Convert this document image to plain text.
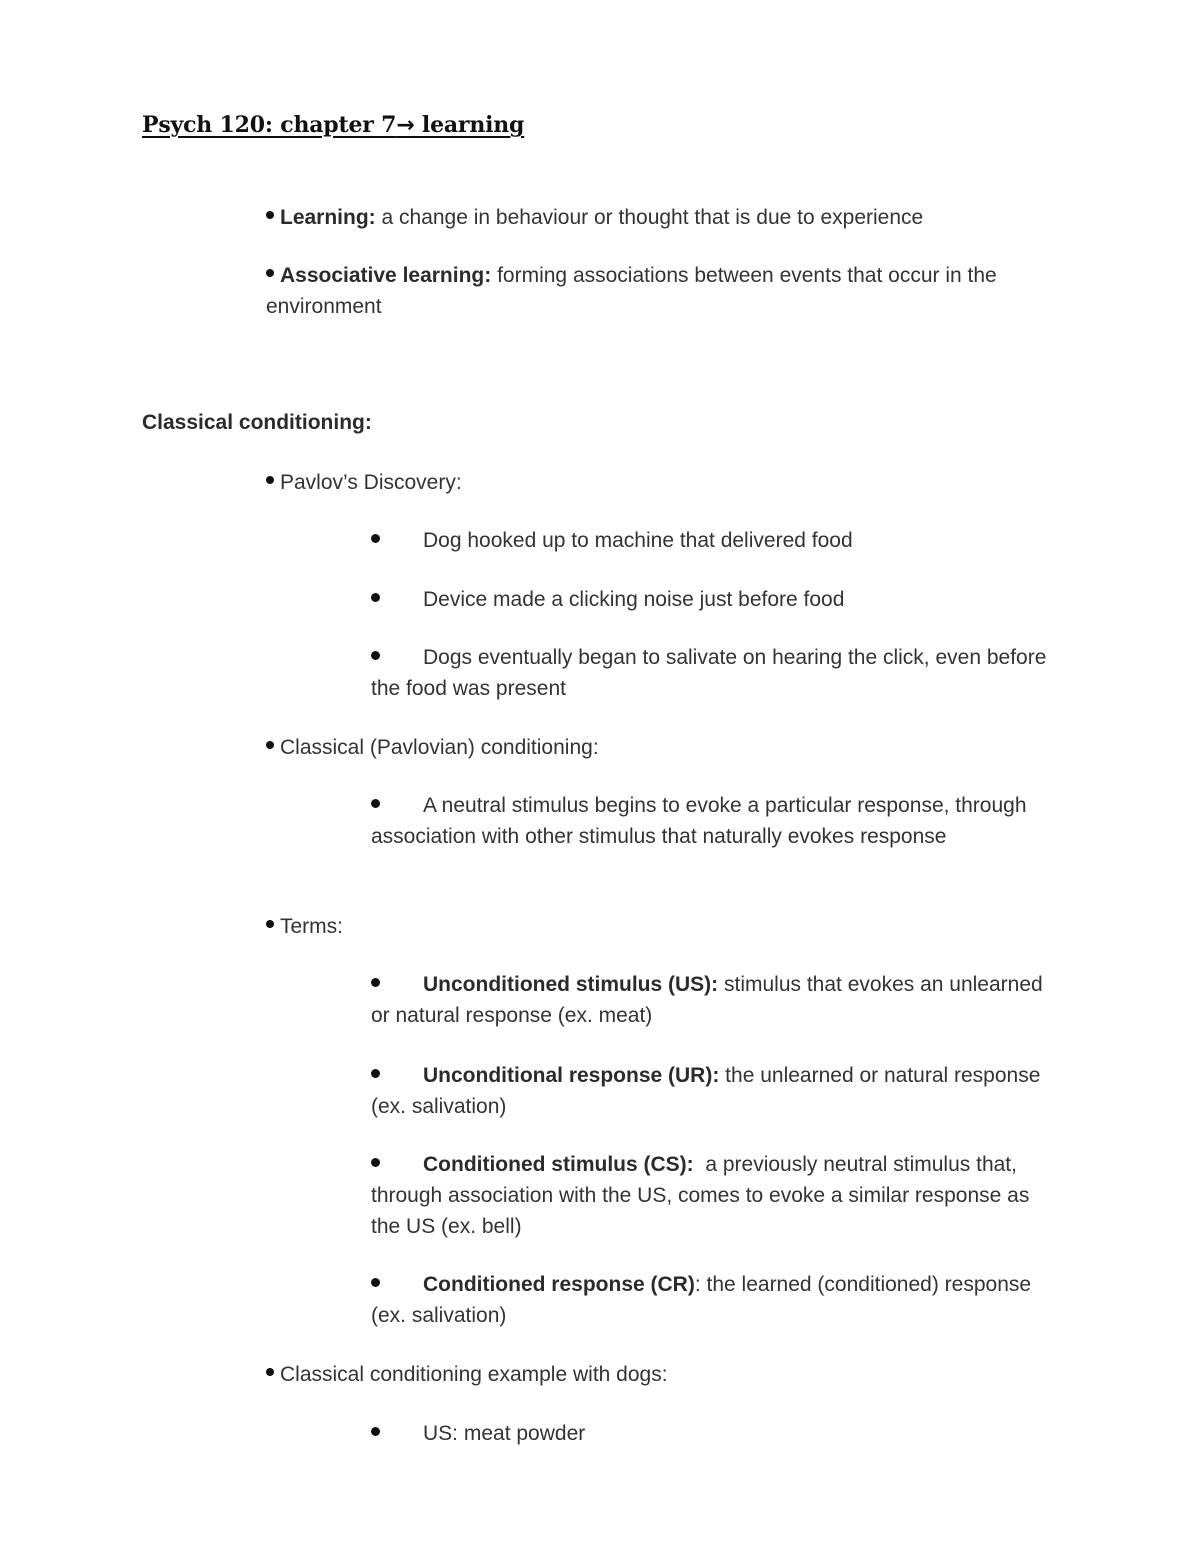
Psych 120: chapter 7→ learning

Learning: a change in behaviour or thought that is due to experience

Associative learning: forming associations between events that occur in the environment

Classical conditioning:

Pavlov’s Discovery:

Dog hooked up to machine that delivered food

Device made a clicking noise just before food

Dogs eventually began to salivate on hearing the click, even before the food was present

Classical (Pavlovian) conditioning:

A neutral stimulus begins to evoke a particular response, through association with other stimulus that naturally evokes response

Terms:

Unconditioned stimulus (US): stimulus that evokes an unlearned or natural response (ex. meat)

Unconditional response (UR): the unlearned or natural response (ex. salivation)

Conditioned stimulus (CS):  a previously neutral stimulus that, through association with the US, comes to evoke a similar response as the US (ex. bell)

Conditioned response (CR): the learned (conditioned) response (ex. salivation)

Classical conditioning example with dogs:

US: meat powder
